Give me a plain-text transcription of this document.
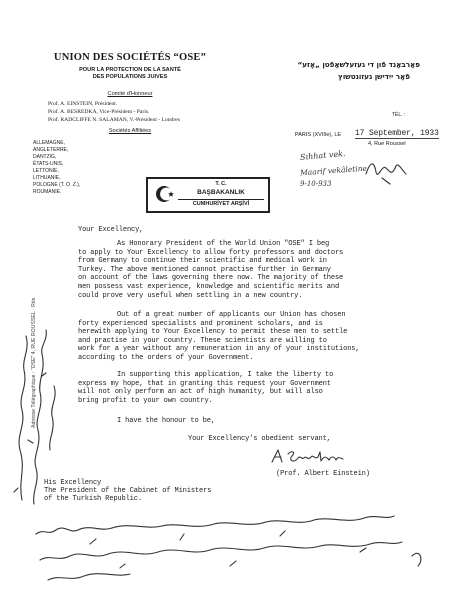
UNION DES SOCIÉTÉS “OSE”
POUR LA PROTECTION DE LA SANTÉ
DES POPULATIONS JUIVES
Comité d'Honneur
Prof. A. EINSTEIN, Président.
Prof. A. BESREDKA, Vice-Président - Paris.
Prof. RADCLIFFE N. SALAMAN, V.-Président - Londres
Sociétés Affiliées
ALLEMAGNE,
ANGLETERRE,
DANTZIG,
ÉTATS-UNIS,
LETTONIE,
LITHUANIE,
POLOGNE (T. O. Z.),
ROUMANIE.
פּאַרבאַנד פֿון די געזעלשאַפֿטן „אָזע“
פֿאַר ייִדישן געזונטשוץ
TÉL. :
PARIS (XVIIIe), LE 17 September, 1933
4, Rue Roussel
Adresse Télégraphique : “OSE” 4, RUE ROUSSEL · Rés
T. C.
BAŞBAKANLIK
CUMHURİYET ARŞİVİ
Sıhhat vek.
Maarif vekâletine
9-10-933
Your Excellency,
As Honorary President of the World Union "OSE" I beg
to apply to Your Excellency to allow forty professors and doctors
from Germany to continue their scientific and medical work in
Turkey. The above mentioned cannot practise further in Germany
on account of the laws governing there now. The majority of these
men possess vast experience, knowledge and scientific merits and
could prove very useful when settling in a new country.
Out of a great number of applicants our Union has chosen
forty experienced specialists and prominent scholars, and is
herewith applying to Your Excellency to permit these men to settle
and practise in your country. These scientists are willing to
work for a year without any remuneration in any of your institutions,
according to the orders of your Government.
In supporting this application, I take the liberty to
express my hope, that in granting this request your Government
will not only perform an act of high humanity, but will also
bring profit to your own country.
I have the honour to be,
Your Excellency's obedient servant,
(Prof. Albert Einstein)
His Excellency
The President of the Cabinet of Ministers
of the Turkish Republic.
